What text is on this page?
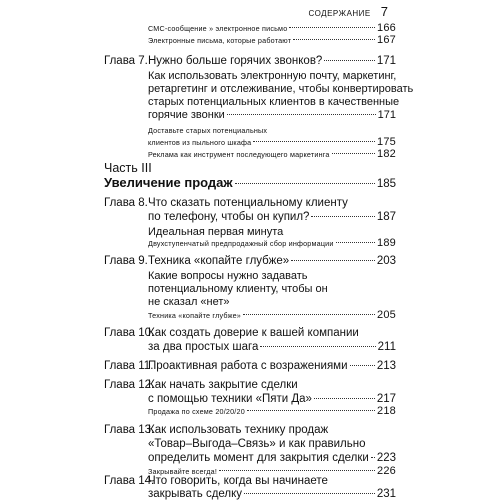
СОДЕРЖАНИЕ 7
СМС-сообщение » электронное письмо	166
Электронные письма, которые работают	167
Глава 7. Нужно больше горячих звонков?	171
Как использовать электронную почту, маркетинг,
ретаргетинг и отслеживание, чтобы конвертировать
старых потенциальных клиентов в качественные
горячие звонки	171
Доставьте старых потенциальных
клиентов из пыльного шкафа	175
Реклама как инструмент последующего маркетинга	182
Часть III
Увеличение продаж	185
Глава 8. Что сказать потенциальному клиенту
по телефону, чтобы он купил?	187
Идеальная первая минута
Двухступенчатый предпродажный сбор информации	189
Глава 9. Техника «копайте глубже»	203
Какие вопросы нужно задавать
потенциальному клиенту, чтобы он
не сказал «нет»
Техника «копайте глубже»	205
Глава 10.
Как создать доверие к вашей компании
за два простых шага	211
Глава 11.
Проактивная работа с возражениями	213
Глава 12.
Как начать закрытие сделки
с помощью техники «Пяти Да»	217
Продажа по схеме 20/20/20	218
Глава 13.
Как использовать технику продаж
«Товар–Выгода–Связь» и как правильно
определить момент для закрытия сделки 223
Закрывайте всегда!	226
Глава 14.
Что говорить, когда вы начинаете
закрывать сделку	231
